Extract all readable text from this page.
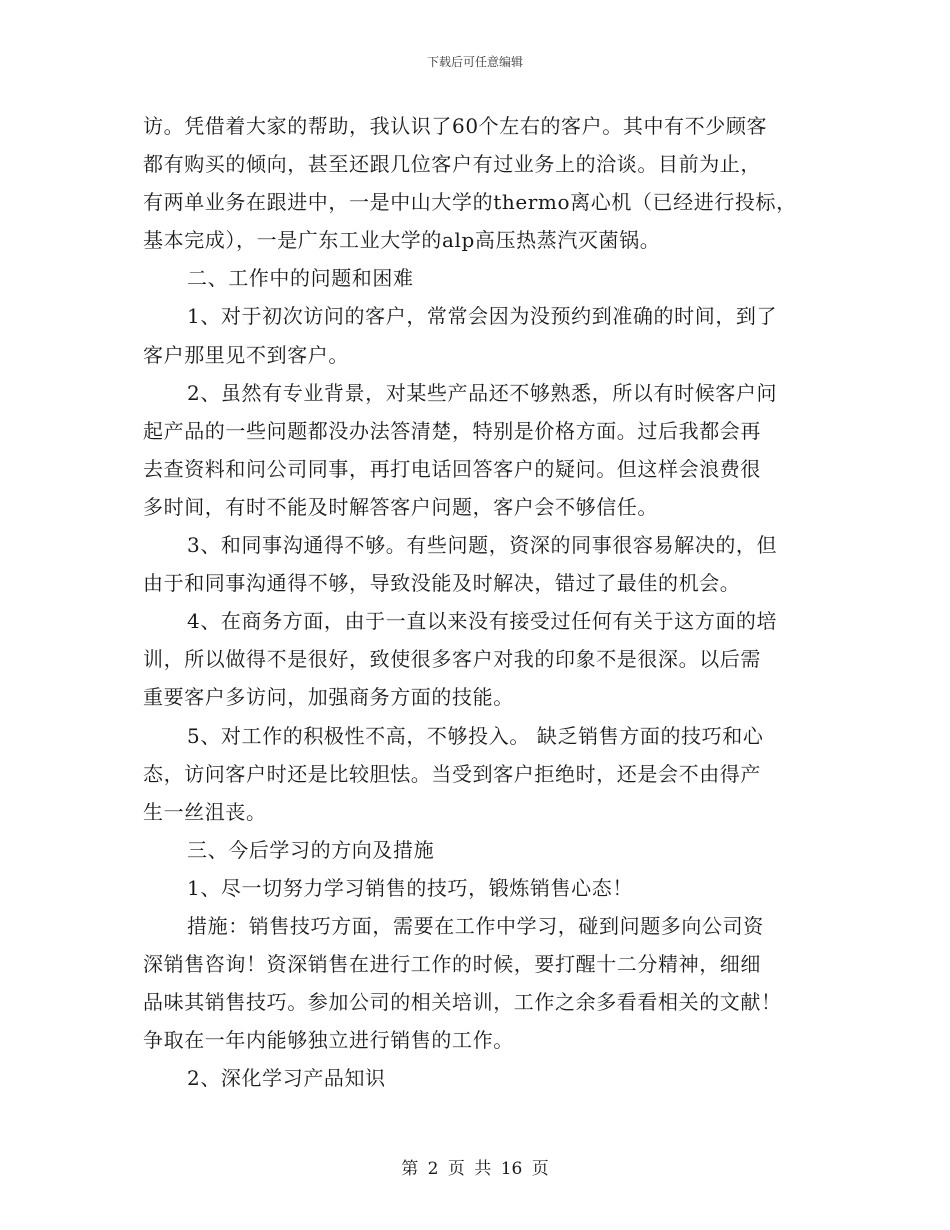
下载后可任意编辑
访。凭借着大家的帮助，我认识了60个左右的客户。其中有不少顾客
都有购买的倾向，甚至还跟几位客户有过业务上的洽谈。目前为止，
有两单业务在跟进中，一是中山大学的thermo离心机（已经进行投标，
基本完成），一是广东工业大学的alp高压热蒸汽灭菌锅。
二、工作中的问题和困难
1、对于初次访问的客户，常常会因为没预约到准确的时间，到了
客户那里见不到客户。
2、虽然有专业背景，对某些产品还不够熟悉，所以有时候客户问
起产品的一些问题都没办法答清楚，特别是价格方面。过后我都会再
去查资料和问公司同事，再打电话回答客户的疑问。但这样会浪费很
多时间，有时不能及时解答客户问题，客户会不够信任。
3、和同事沟通得不够。有些问题，资深的同事很容易解决的，但
由于和同事沟通得不够，导致没能及时解决，错过了最佳的机会。
4、在商务方面，由于一直以来没有接受过任何有关于这方面的培
训，所以做得不是很好，致使很多客户对我的印象不是很深。以后需
重要客户多访问，加强商务方面的技能。
5、对工作的积极性不高，不够投入。 缺乏销售方面的技巧和心
态，访问客户时还是比较胆怯。当受到客户拒绝时，还是会不由得产
生一丝沮丧。
三、今后学习的方向及措施
1、尽一切努力学习销售的技巧，锻炼销售心态！
措施：销售技巧方面，需要在工作中学习，碰到问题多向公司资
深销售咨询！资深销售在进行工作的时候，要打醒十二分精神，细细
品味其销售技巧。参加公司的相关培训，工作之余多看看相关的文献！
争取在一年内能够独立进行销售的工作。
2、深化学习产品知识
第 2 页 共 16 页
